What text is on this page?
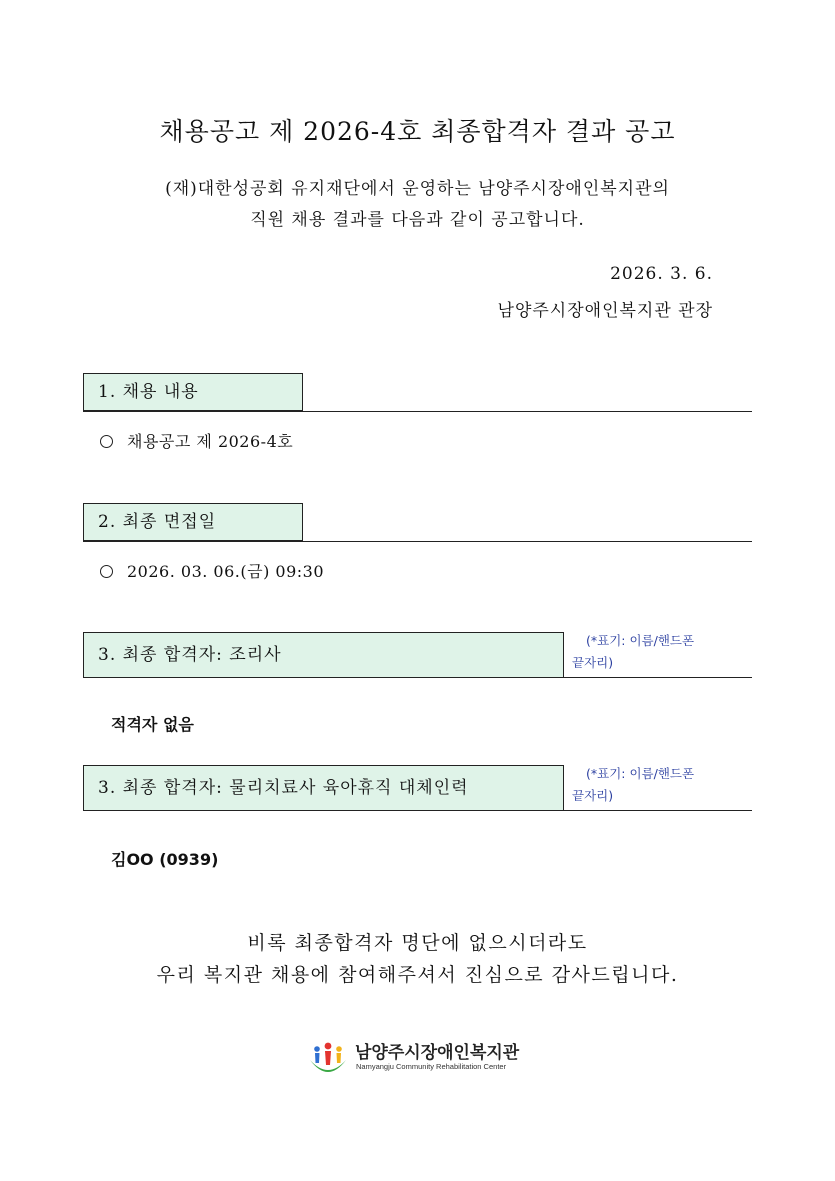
채용공고 제 2026-4호 최종합격자 결과 공고
(재)대한성공회 유지재단에서 운영하는 남양주시장애인복지관의
직원 채용 결과를 다음과 같이 공고합니다.
2026. 3. 6.
남양주시장애인복지관 관장
1. 채용 내용
채용공고 제 2026-4호
2. 최종 면접일
2026. 03. 06.(금) 09:30
3. 최종 합격자: 조리사
(*표기: 이름/핸드폰
끝자리)
적격자 없음
3. 최종 합격자: 물리치료사 육아휴직 대체인력
(*표기: 이름/핸드폰
끝자리)
김OO (0939)
비록 최종합격자 명단에 없으시더라도
우리 복지관 채용에 참여해주셔서 진심으로 감사드립니다.
남양주시장애인복지관
Namyangju Community Rehabilitation Center
